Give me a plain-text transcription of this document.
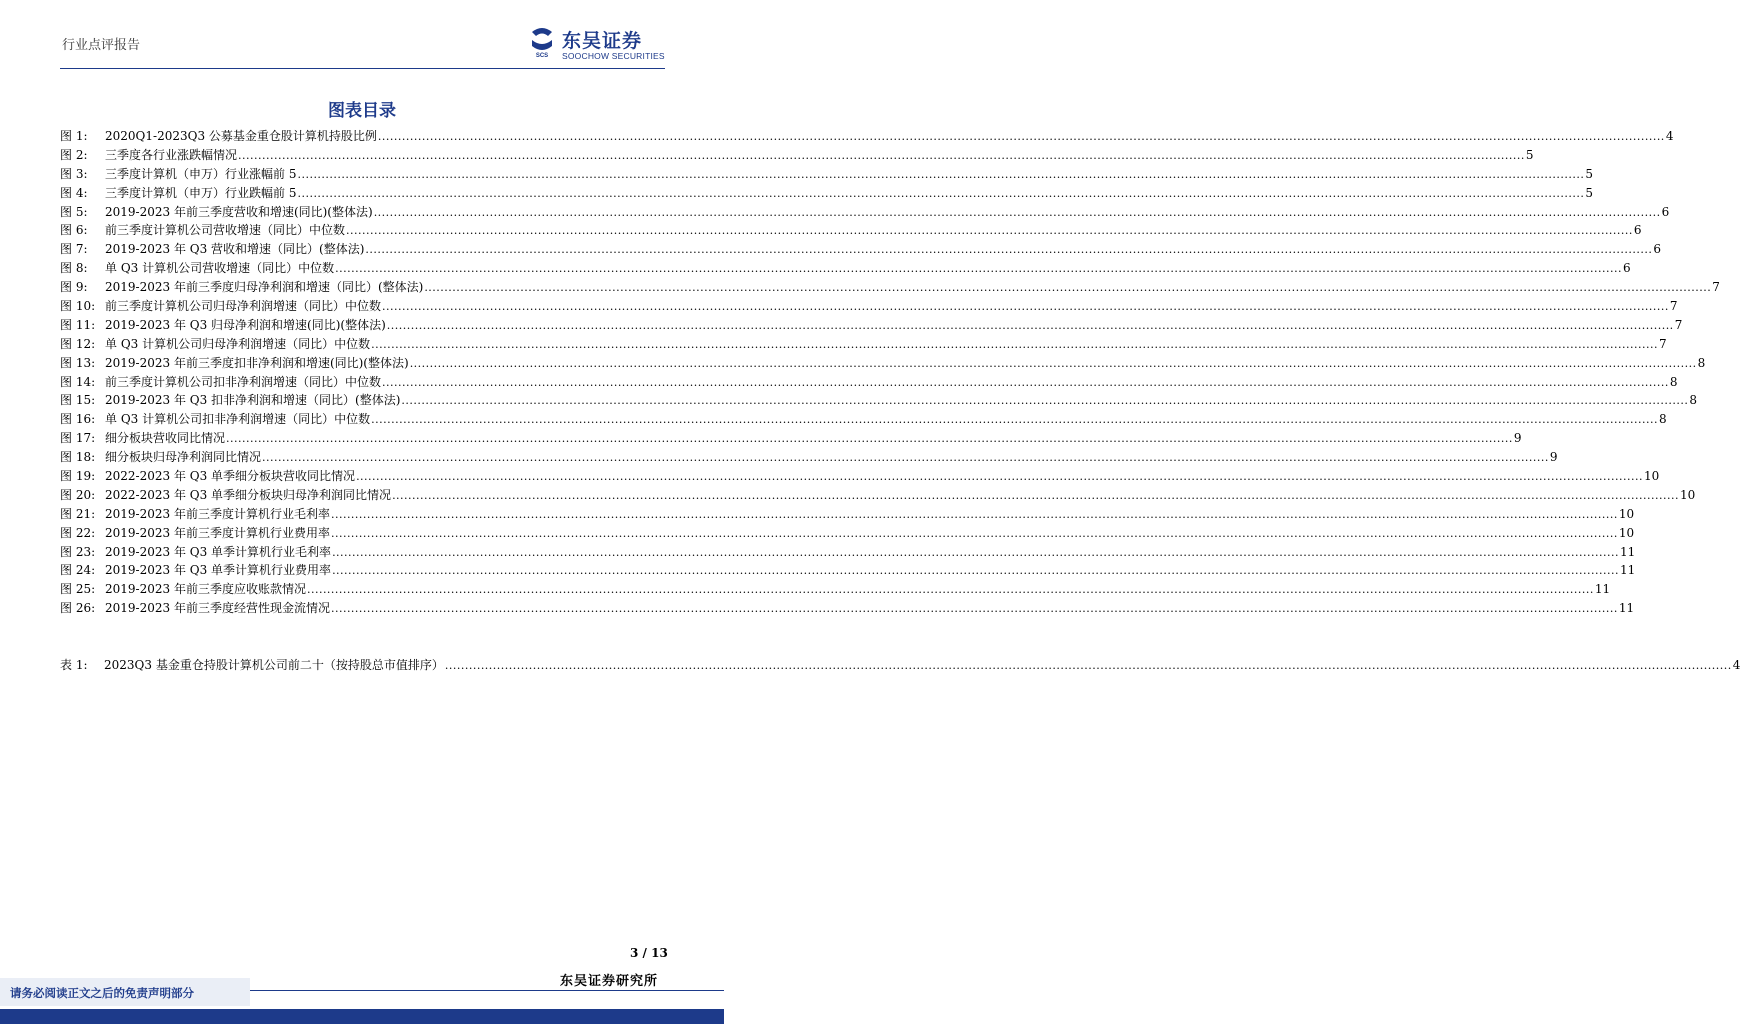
行业点评报告
SCS
东吴证券
SOOCHOW SECURITIES
图表目录
图 1: 2020Q1-2023Q3 公募基金重仓股计算机持股比例 .....	4
图 2: 三季度各行业涨跌幅情况 .....	5
图 3: 三季度计算机（申万）行业涨幅前 5 .....	5
图 4: 三季度计算机（申万）行业跌幅前 5 .....	5
图 5: 2019-2023 年前三季度营收和增速(同比)(整体法) .....	6
图 6: 前三季度计算机公司营收增速（同比）中位数 .....	6
图 7: 2019-2023 年 Q3 营收和增速（同比）(整体法) .....	6
图 8: 单 Q3 计算机公司营收增速（同比）中位数 .....	6
图 9: 2019-2023 年前三季度归母净利润和增速（同比）(整体法) .....	7
图 10: 前三季度计算机公司归母净利润增速（同比）中位数 .....	7
图 11: 2019-2023 年 Q3 归母净利润和增速(同比)(整体法) .....	7
图 12: 单 Q3 计算机公司归母净利润增速（同比）中位数 .....	7
图 13: 2019-2023 年前三季度扣非净利润和增速(同比)(整体法) .....	8
图 14: 前三季度计算机公司扣非净利润增速（同比）中位数 .....	8
图 15: 2019-2023 年 Q3 扣非净利润和增速（同比）(整体法) .....	8
图 16: 单 Q3 计算机公司扣非净利润增速（同比）中位数 .....	8
图 17: 细分板块营收同比情况 .....	9
图 18: 细分板块归母净利润同比情况 .....	9
图 19: 2022-2023 年 Q3 单季细分板块营收同比情况 .....	10
图 20: 2022-2023 年 Q3 单季细分板块归母净利润同比情况 .....	10
图 21: 2019-2023 年前三季度计算机行业毛利率 .....	10
图 22: 2019-2023 年前三季度计算机行业费用率 .....	10
图 23: 2019-2023 年 Q3 单季计算机行业毛利率 .....	11
图 24: 2019-2023 年 Q3 单季计算机行业费用率 .....	11
图 25: 2019-2023 年前三季度应收账款情况 .....	11
图 26: 2019-2023 年前三季度经营性现金流情况 .....	11
表 1: 2023Q3 基金重仓持股计算机公司前二十（按持股总市值排序） .....	4
3 / 13
东吴证券研究所
请务必阅读正文之后的免责声明部分
